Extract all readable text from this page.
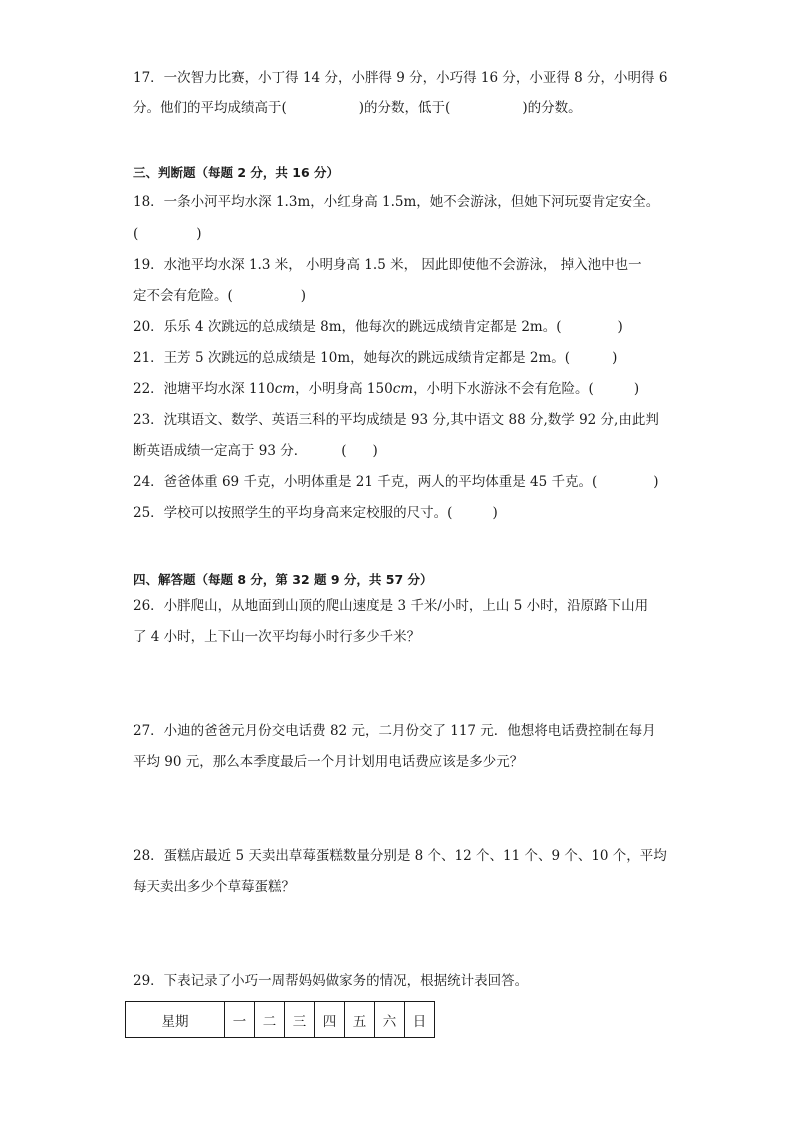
17．一次智力比赛，小丁得 14 分，小胖得 9 分，小巧得 16 分，小亚得 8 分，小明得 6
分。他们的平均成绩高于(	)的分数，低于(	)的分数。
三、判断题（每题 2 分，共 16 分）
18．一条小河平均水深 1.3m，小红身高 1.5m，她不会游泳，但她下河玩耍肯定安全。
(	)
19．水池平均水深 1.3 米， 小明身高 1.5 米， 因此即使他不会游泳， 掉入池中也一
定不会有危险。(	)
20．乐乐 4 次跳远的总成绩是 8m，他每次的跳远成绩肯定都是 2m。(	)
21．王芳 5 次跳远的总成绩是 10m，她每次的跳远成绩肯定都是 2m。(	)
22．池塘平均水深 110cm，小明身高 150cm，小明下水游泳不会有危险。(	)
23．沈琪语文、数学、英语三科的平均成绩是 93 分,其中语文 88 分,数学 92 分,由此判
断英语成绩一定高于 93 分．	( )
24．爸爸体重 69 千克，小明体重是 21 千克，两人的平均体重是 45 千克。(	)
25．学校可以按照学生的平均身高来定校服的尺寸。(	)
四、解答题（每题 8 分，第 32 题 9 分，共 57 分）
26．小胖爬山，从地面到山顶的爬山速度是 3 千米/小时，上山 5 小时，沿原路下山用
了 4 小时，上下山一次平均每小时行多少千米？
27．小迪的爸爸元月份交电话费 82 元，二月份交了 117 元．他想将电话费控制在每月
平均 90 元，那么本季度最后一个月计划用电话费应该是多少元？
28．蛋糕店最近 5 天卖出草莓蛋糕数量分别是 8 个、12 个、11 个、9 个、10 个，平均
每天卖出多少个草莓蛋糕？
29．下表记录了小巧一周帮妈妈做家务的情况，根据统计表回答。
星期	一	二	三	四	五	六	日
